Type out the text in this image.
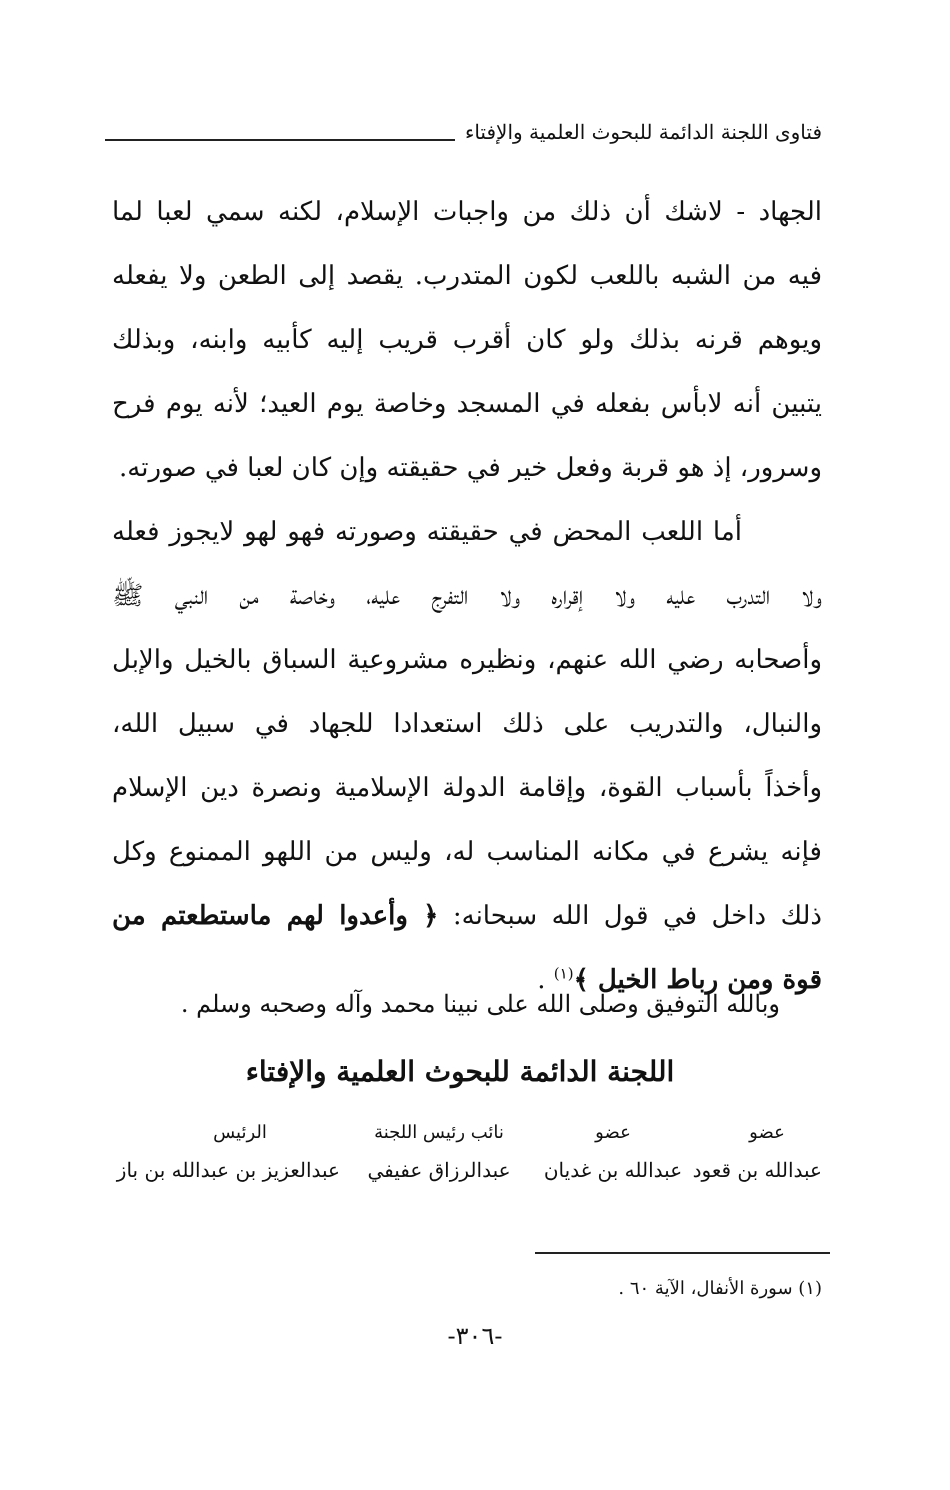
فتاوى اللجنة الدائمة للبحوث العلمية والإفتاء
الجهاد - لاشك أن ذلك من واجبات الإسلام، لكنه سمي لعبا لما
فيه من الشبه باللعب لكون المتدرب. يقصد إلى الطعن ولا يفعله
ويوهم قرنه بذلك ولو كان أقرب قريب إليه كأبيه وابنه، وبذلك
يتبين أنه لابأس بفعله في المسجد وخاصة يوم العيد؛ لأنه يوم فرح
وسرور، إذ هو قربة وفعل خير في حقيقته وإن كان لعبا في صورته.
أما اللعب المحض في حقيقته وصورته فهو لهو لايجوز فعله
ولا التدرب عليه ولا إقراره ولا التفرج عليه، وخاصة من النبي ﷺ
وأصحابه رضي الله عنهم، ونظيره مشروعية السباق بالخيل والإبل
والنبال، والتدريب على ذلك استعدادا للجهاد في سبيل الله،
وأخذاً بأسباب القوة، وإقامة الدولة الإسلامية ونصرة دين الإسلام
فإنه يشرع في مكانه المناسب له، وليس من اللهو الممنوع وكل
ذلك داخل في قول الله سبحانه: ﴿ وأعدوا لهم ماستطعتم من
قوة ومن رباط الخيل ﴾$^{(١)}$ .
وبالله التوفيق وصلى الله على نبينا محمد وآله وصحبه وسلم .
اللجنة الدائمة للبحوث العلمية والإفتاء
عضو
عضو
نائب رئيس اللجنة
الرئيس
عبدالله بن قعود
عبدالله بن غديان
عبدالرزاق عفيفي
عبدالعزيز بن عبدالله بن باز
(١) سورة الأنفال، الآية ٦٠ .
-٣٠٦-
